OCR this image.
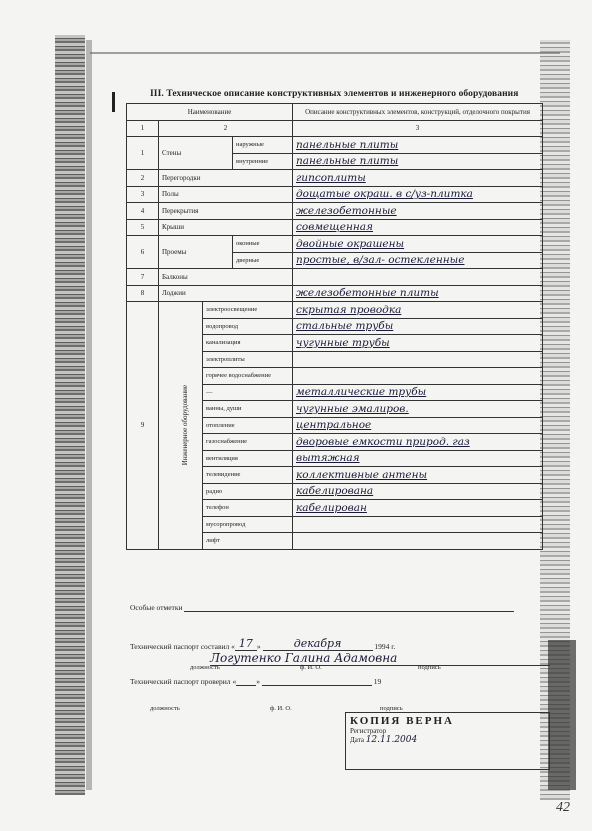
III. Техническое описание конструктивных элементов и инженерного оборудования
Наименование					Описание конструктивных элементов, конструкций, отделочного покрытия
1	2				3
1	Стены			наружные	панельные плиты

				внутренние	панельные плиты

2	Перегородки				гипсоплиты

3	Полы				дощатые окраш. в с/уз-плитка

4	Перекрытия				железобетонные

5	Крыши				совмещенная

6	Проемы			оконные	двойные окрашены

				дверные	простые, в/зал- остекленные

7	Балконы				

8	Лоджии				железобетонные плиты

9		Инженерное оборудование	электроосвещение		скрытая проводка

			водопровод		стальные трубы

			канализация		чугунные трубы

			электроплиты		

			горячее водоснабжение		

			—		металлические трубы

			ванны, души		чугунные эмалиров.

			отопление		центральное

			газоснабжение		дворовые емкости природ. газ

			вентиляция		вытяжная

			телевидение		коллективные антены

			радио		кабелирована

			телефон		кабелирован

			мусоропровод		

			лифт		
Особые отметки
Технический паспорт составил « 17 »	декабря	1994 г.
Логутенко Галина Адамовна
должность	ф. И. О.	подпись
Технический паспорт проверил «	»	19
должность	ф. И. О.	подпись
КОПИЯ ВЕРНА
Регистратор
Дата 12.11.2004
42
